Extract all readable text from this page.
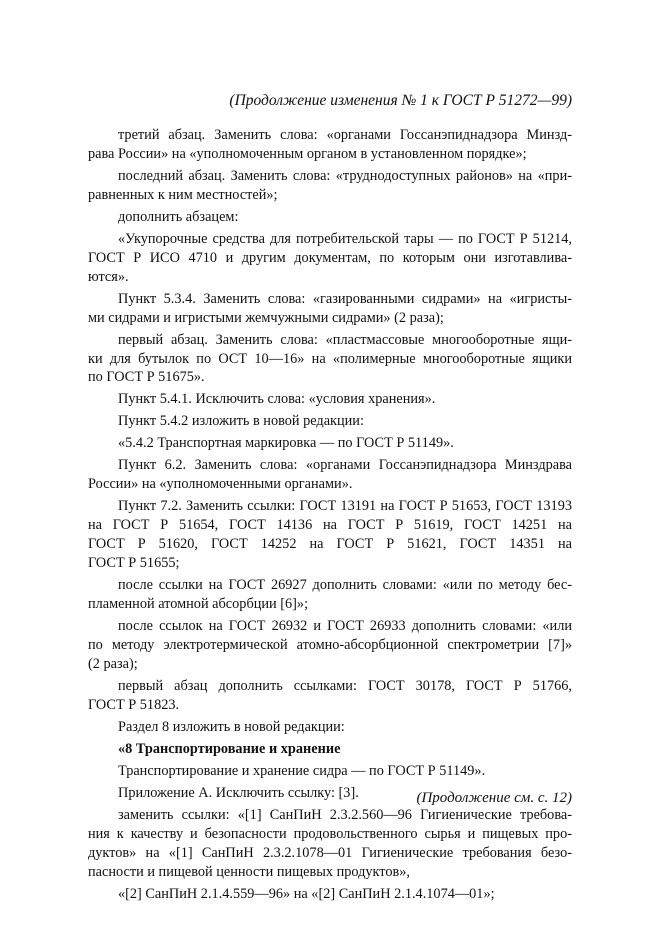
(Продолжение изменения № 1 к ГОСТ Р 51272—99)
третий абзац. Заменить слова: «органами Госсанэпиднадзора Минзд-
рава России» на «уполномоченным органом в установленном порядке»;
последний абзац. Заменить слова: «труднодоступных районов» на «при-
равненных к ним местностей»;
дополнить абзацем:
«Укупорочные средства для потребительской тары — по ГОСТ Р 51214,
ГОСТ Р ИСО 4710 и другим документам, по которым они изготавлива-
ются».
Пункт 5.3.4. Заменить слова: «газированными сидрами» на «игристы-
ми сидрами и игристыми жемчужными сидрами» (2 раза);
первый абзац. Заменить слова: «пластмассовые многооборотные ящи-
ки для бутылок по ОСТ 10—16» на «полимерные многооборотные ящики
по ГОСТ Р 51675».
Пункт 5.4.1. Исключить слова: «условия хранения».
Пункт 5.4.2 изложить в новой редакции:
«5.4.2 Транспортная маркировка — по ГОСТ Р 51149».
Пункт 6.2. Заменить слова: «органами Госсанэпиднадзора Минздрава
России» на «уполномоченными органами».
Пункт 7.2. Заменить ссылки: ГОСТ 13191 на ГОСТ Р 51653, ГОСТ 13193
на ГОСТ Р 51654, ГОСТ 14136 на ГОСТ Р 51619, ГОСТ 14251 на
ГОСТ Р 51620, ГОСТ 14252 на ГОСТ Р 51621, ГОСТ 14351 на
ГОСТ Р 51655;
после ссылки на ГОСТ 26927 дополнить словами: «или по методу бес-
пламенной атомной абсорбции [6]»;
после ссылок на ГОСТ 26932 и ГОСТ 26933 дополнить словами: «или
по методу электротермической атомно-абсорбционной спектрометрии [7]»
(2 раза);
первый абзац дополнить ссылками: ГОСТ 30178, ГОСТ Р 51766,
ГОСТ Р 51823.
Раздел 8 изложить в новой редакции:
«8 Транспортирование и хранение
Транспортирование и хранение сидра — по ГОСТ Р 51149».
Приложение А. Исключить ссылку: [3].
заменить ссылки: «[1] СанПиН 2.3.2.560—96 Гигиенические требова-
ния к качеству и безопасности продовольственного сырья и пищевых про-
дуктов» на «[1] СанПиН 2.3.2.1078—01 Гигиенические требования безо-
пасности и пищевой ценности пищевых продуктов»,
«[2] СанПиН 2.1.4.559—96» на «[2] СанПиН 2.1.4.1074—01»;
(Продолжение см. с. 12)
